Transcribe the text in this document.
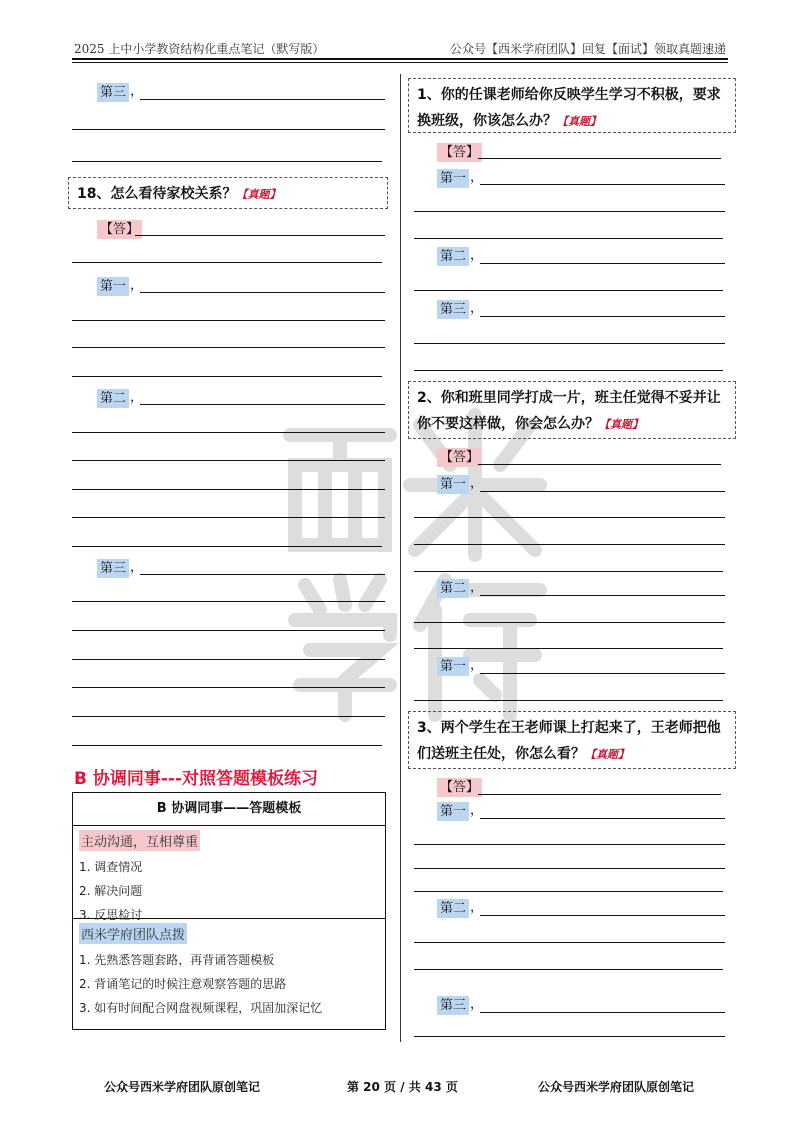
2025 上中小学教资结构化重点笔记（默写版）	公众号【西米学府团队】回复【面试】领取真题速递
第三 ，
18、怎么看待家校关系？【真题】
【答】
第一 ，
第二 ，
第三 ，
B 协调同事---对照答题模板练习
B 协调同事——答题模板
主动沟通，互相尊重
1. 调查情况
2. 解决问题
3. 反思检讨
西米学府团队点拨
1. 先熟悉答题套路，再背诵答题模板
2. 背诵笔记的时候注意观察答题的思路
3. 如有时间配合网盘视频课程，巩固加深记忆
1、你的任课老师给你反映学生学习不积极，要求换班级，你该怎么办？【真题】
【答】
第一 ，
第二 ，
第三 ，
2、你和班里同学打成一片，班主任觉得不妥并让你不要这样做，你会怎么办？【真题】
【答】
第一 ，
第二 ，
第一 ，
3、两个学生在王老师课上打起来了，王老师把他们送班主任处，你怎么看？【真题】
【答】
第一 ，
第二 ，
第三 ，
公众号西米学府团队原创笔记	第 20 页 / 共 43 页	公众号西米学府团队原创笔记
